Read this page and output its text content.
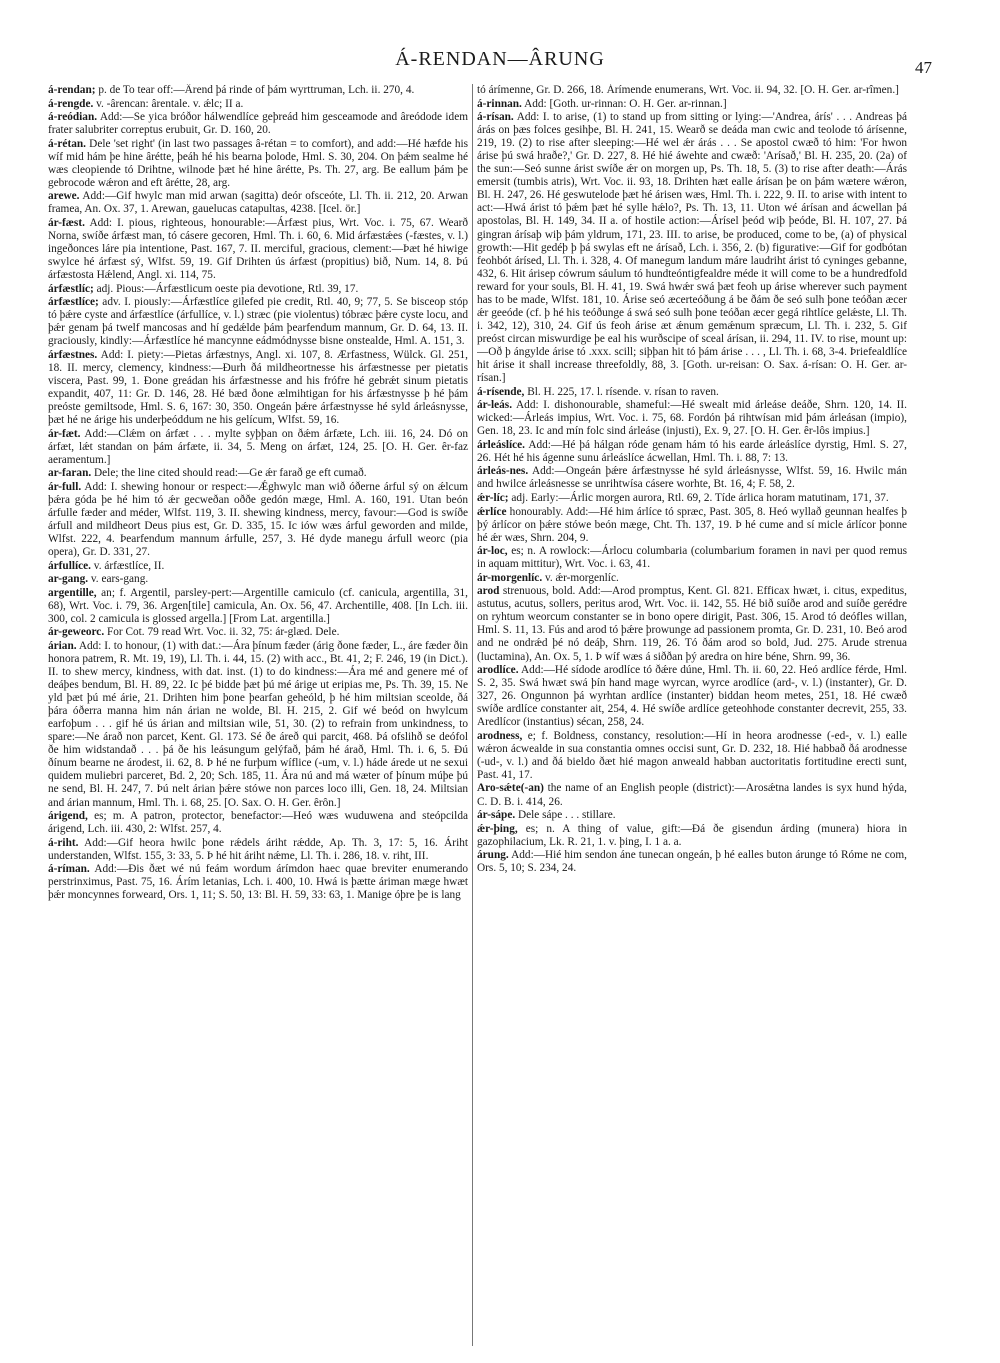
Á-RENDAN—ÂRUNG	47

á-rendan; p. de To tear off:—Ârend þá rinde of þám wyrttruman, Lch. ii. 270, 4.

á-rengde. v. -ârencan: ârentale. v. ǽlc; II a.

á-reódian. Add:—Se yica bróðor hálwendlíce geþreád him gesceamode and âreódode idem frater salubriter correptus erubuit, Gr. D. 160, 20.

á-rétan. Dele 'set right' (in last two passages â-rétan = to comfort), and add:—Hé hæfde his wíf mid hám þe hine ârétte, þeáh hé his bearna þolode, Hml. S. 30, 204. On þǽm sealme hé wæs cleopiende tó Drihtne, wilnode þæt hé hine ârétte, Ps. Th. 27, arg. Be eallum þám þe gebrocode wǽron and eft ârétte, 28, arg.

arewe. Add:—Gif hwylc man mid arwan (sagitta) deór ofsceóte, Ll. Th. ii. 212, 20. Arwan framea, An. Ox. 37, 1. Arewan, gauelucas catapultas, 4238. [Icel. ör.]

ár-fæst. Add: I. pious, righteous, honourable:—Árfæst pius, Wrt. Voc. i. 75, 67. Wearð Norna, swíðe árfæst man, tó cásere gecoren, Hml. Th. i. 60, 6. Mid árfæstǽes (-fæstes, v. l.) ingeðonces láre pia intentione, Past. 167, 7. II. merciful, gracious, clement:—Þæt hé hiwige swylce hé árfæst sý, Wlfst. 59, 19. Gif Drihten ús árfæst (propitius) bið, Num. 14, 8. Þú árfæstosta Hǽlend, Angl. xi. 114, 75.

árfæstlíc; adj. Pious:—Árfæstlicum oeste pia devotione, Rtl. 39, 17.

árfæstlíce; adv. I. piously:—Árfæstlíce gilefed pie credit, Rtl. 40, 9; 77, 5. Se bisceop stóp tó þǽre cyste and árfæstlíce (árfullíce, v. l.) stræc (pie violentus) tóbræc þǽre cyste locu, and þǽr genam þá twelf mancosas and hí gedǽlde þám þearfendum mannum, Gr. D. 64, 13. II. graciously, kindly:—Árfæstlíce hé mancynne eádmódnysse bisne onstealde, Hml. A. 151, 3.

árfæstnes. Add: I. piety:—Pietas árfæstnys, Angl. xi. 107, 8. Ærfastness, Wülck. Gl. 251, 18. II. mercy, clemency, kindness:—Ðurh ðá mildheortnesse his árfæstnesse per pietatis viscera, Past. 99, 1. Ðone greádan his árfæstnesse and his frófre hé gebrǽt sinum pietatis expandit, 407, 11: Gr. D. 146, 28. Hé bæd ðone ælmihtigan for his árfæstnysse þ hé þám preóste gemiltsode, Hml. S. 6, 167: 30, 350. Ongeán þǽre árfæstnysse hé syld árleásnysse, þæt hé ne árige his underþeóddum ne his gelícum, Wlfst. 59, 16.

ár-fæt. Add:—Clǽm on árfæt . . . mylte syþþan on ðǽm árfæte, Lch. iii. 16, 24. Dó on árfæt, lǽt standan on þám árfæte, ii. 34, 5. Meng on árfæt, 124, 25. [O. H. Ger. êr-faz aeramentum.]

ar-faran. Dele; the line cited should read:—Ge ǽr farað ge eft cumað.

ár-full. Add: I. shewing honour or respect:—Ǽghwylc man wið óðerne árful sý on ǽlcum þǽra góda þe hé him tó ǽr gecweðan oððe gedón mæge, Hml. A. 160, 191. Utan beón árfulle fæder and méder, Wlfst. 119, 3. II. shewing kindness, mercy, favour:—God is swíðe árfull and mildheort Deus pius est, Gr. D. 335, 15. Ic iów wæs árful geworden and milde, Wlfst. 222, 4. Þearfendum mannum árfulle, 257, 3. Hé dyde manegu árfull weorc (pia opera), Gr. D. 331, 27.

árfullíce. v. árfæstlíce, II.

ar-gang. v. ears-gang.

argentille, an; f. Argentil, parsley-pert:—Argentille camiculo (cf. canicula, argentilla, 31, 68), Wrt. Voc. i. 79, 36. Argen[tile] camicula, An. Ox. 56, 47. Archentille, 408. [In Lch. iii. 300, col. 2 camicula is glossed argella.] [From Lat. argentilla.]

ár-geweorc. For Cot. 79 read Wrt. Voc. ii. 32, 75: ár-glæd. Dele.

árian. Add: I. to honour, (1) with dat.:—Ára þínum fæder (árig ðone fæder, L., áre fæder ðin honora patrem, R. Mt. 19, 19), Ll. Th. i. 44, 15. (2) with acc., Bt. 41, 2; F. 246, 19 (in Dict.). II. to shew mercy, kindness, with dat. inst. (1) to do kindness:—Ára mé and genere mé of deáþes bendum, Bl. H. 89, 22. Ic þé bidde þæt þú mé árige ut eripias me, Ps. Th. 39, 15. Ne yld þæt þú mé árie, 21. Drihten him þone þearfan geheóld, þ hé him miltsian sceolde, ðá þára óðerra manna him nán árian ne wolde, Bl. H. 215, 2. Gif wé beód on hwylcum earfoþum . . . gif hé ús árian and miltsian wile, 51, 30. (2) to refrain from unkindness, to spare:—Ne árað non parcet, Kent. Gl. 173. Sé ðe áreð qui parcit, 468. Þá ofslihð se deófol ðe him widstandað . . . þá ðe his leásungum gelýfað, þám hé árað, Hml. Th. i. 6, 5. Ðú ðínum bearne ne árodest, ii. 62, 8. Þ hé ne furþum wíflice (-um, v. l.) háde árede ut ne sexui quidem muliebri parceret, Bd. 2, 20; Sch. 185, 11. Ára nú and má wæter of þínum múþe þú ne send, Bl. H. 247, 7. Þú nelt árian þǽre stówe non parces loco illi, Gen. 18, 24. Miltsian and árian mannum, Hml. Th. i. 68, 25. [O. Sax. O. H. Ger. êrôn.]

árigend, es; m. A patron, protector, benefactor:—Heó wæs wuduwena and steópcilda árigend, Lch. iii. 430, 2: Wlfst. 257, 4.

á-riht. Add:—Gif heora hwilc þone rǽdels áriht rǽdde, Ap. Th. 3, 17: 5, 16. Áriht understanden, Wlfst. 155, 3: 33, 5. Þ hé hit áriht nǽme, Ll. Th. i. 286, 18. v. riht, III.

á-ríman. Add:—Ðis ðæt wé nú feám wordum árímdon haec quae breviter enumerando perstrinximus, Past. 75, 16. Árím letanias, Lch. i. 400, 10. Hwá is þætte áriman mæge hwæt þǽr moncynnes forweard, Ors. 1, 11; S. 50, 13: Bl. H. 59, 33: 63, 1. Manige óþre þe is lang

tó árímenne, Gr. D. 266, 18. Árímende enumerans, Wrt. Voc. ii. 94, 32. [O. H. Ger. ar-rîmen.]

á-rinnan. Add: [Goth. ur-rinnan: O. H. Ger. ar-rinnan.]

á-rísan. Add: I. to arise, (1) to stand up from sitting or lying:—'Andrea, árís' . . . Andreas þá árás on þæs folces gesihþe, Bl. H. 241, 15. Wearð se deáda man cwic and teolode tó árísenne, 219, 19. (2) to rise after sleeping:—Hé wel ǽr árás . . . Se apostol cwæð tó him: 'For hwon árise þú swá hraðe?,' Gr. D. 227, 8. Hé hié áwehte and cwæð: 'Arísað,' Bl. H. 235, 20. (2a) of the sun:—Seó sunne árist swíðe ǽr on morgen up, Ps. Th. 18, 5. (3) to rise after death:—Árás emersit (tumbis atris), Wrt. Voc. ii. 93, 18. Drihten hæt ealle árísan þe on þám wætere wǽron, Bl. H. 247, 26. Hé geswutelode þæt hé árisen wæs, Hml. Th. i. 222, 9. II. to arise with intent to act:—Hwá árist tó þǽm þæt hé sylle hǽlo?, Ps. Th. 13, 11. Uton wé árísan and ácwellan þá apostolas, Bl. H. 149, 34. II a. of hostile action:—Árísel þeód wiþ þeóde, Bl. H. 107, 27. Þá gingran árísaþ wiþ þám yldrum, 171, 23. III. to arise, be produced, come to be, (a) of physical growth:—Hit gedéþ þ þá swylas eft ne árísað, Lch. i. 356, 2. (b) figurative:—Gif for godbótan feohbót árísed, Ll. Th. i. 328, 4. Of manegum landum máre laudriht árist tó cyninges gebanne, 432, 6. Hit árisep cówrum sáulum tó hundteóntigfealdre méde it will come to be a hundredfold reward for your souls, Bl. H. 41, 19. Swá hwǽr swá þæt feoh up árise wherever such payment has to be made, Wlfst. 181, 10. Árise seó æcerteóðung á be ðám ðe seó sulh þone teóðan æcer ǽr geeóde (cf. þ hé his teóðunge á swá seó sulh þone teóðan æcer gegá rihtlíce gelǽste, Ll. Th. i. 342, 12), 310, 24. Gif ús feoh árise æt ǽnum gemǽnum spræcum, Ll. Th. i. 232, 5. Gif preóst circan miswurdige þe eal his wurðscipe of sceal árísan, ii. 294, 11. IV. to rise, mount up:—Oð þ ángylde árise tó .xxx. scill; siþþan hit tó þám árise . . . , Ll. Th. i. 68, 3-4. Þriefealdlíce hit árise it shall increase threefoldly, 88, 3. [Goth. ur-reisan: O. Sax. á-rísan: O. H. Ger. ar-rísan.]

á-rísende, Bl. H. 225, 17. l. rísende. v. rísan to raven.

ár-leás. Add: I. dishonourable, shameful:—Hé swealt mid árleáse deáðe, Shrn. 120, 14. II. wicked:—Árleás impius, Wrt. Voc. i. 75, 68. Fordón þá rihtwísan mid þám árleásan (impio), Gen. 18, 23. Ic and mín folc sind árleáse (injusti), Ex. 9, 27. [O. H. Ger. êr-lôs impius.]

árleáslíce. Add:—Hé þá hálgan róde genam hám tó his earde árleáslíce dyrstig, Hml. S. 27, 26. Hét hé his ágenne sunu árleáslíce ácwellan, Hml. Th. i. 88, 7: 13.

árleás-nes. Add:—Ongeán þǽre árfæstnysse hé syld árleásnysse, Wlfst. 59, 16. Hwilc mán and hwilce árleásnesse se unrihtwísa cásere worhte, Bt. 16, 4; F. 58, 2.

ǽr-líc; adj. Early:—Árlic morgen aurora, Rtl. 69, 2. Tíde árlica horam matutinam, 171, 37.

ǽrlíce honourably. Add:—Hé him árlíce tó spræc, Past. 305, 8. Heó wyllað geunnan healfes þ þý árlícor on þǽre stówe beón mæge, Cht. Th. 137, 19. Þ hé cume and sí micle árlícor þonne hé ǽr wæs, Shrn. 204, 9.

ár-loc, es; n. A rowlock:—Árlocu columbaria (columbarium foramen in navi per quod remus in aquam mittitur), Wrt. Voc. i. 63, 41.

ár-morgenlíc. v. ǽr-morgenlíc.

arod strenuous, bold. Add:—Arod promptus, Kent. Gl. 821. Efficax hwæt, i. citus, expeditus, astutus, acutus, sollers, peritus arod, Wrt. Voc. ii. 142, 55. Hé bið suíðe arod and suíðe gerédre on ryhtum weorcum constanter se in bono opere dirigit, Past. 306, 15. Arod tó deófles willan, Hml. S. 11, 13. Fús and arod tó þǽre þrowunge ad passionem promta, Gr. D. 231, 10. Beó arod and ne ondrǽd þé nó deáþ, Shrn. 119, 26. Tó ðám arod so bold, Jud. 275. Arude strenua (luctamina), An. Ox. 5, 1. Þ wíf wæs á siððan þý aredra on hire béne, Shrn. 99, 36.

arodlíce. Add:—Hé sídode arodlíce tó ðǽre dúne, Hml. Th. ii. 60, 22. Heó ardlíce férde, Hml. S. 2, 35. Swá hwæt swá þín hand mage wyrcan, wyrce arodlíce (ard-, v. l.) (instanter), Gr. D. 327, 26. Ongunnon þá wyrhtan ardlíce (instanter) biddan heom metes, 251, 18. Hé cwæð swíðe ardlíce constanter ait, 254, 4. Hé swíðe ardlíce geteohhode constanter decrevit, 255, 33. Aredlícor (instantius) sécan, 258, 24.

arodness, e; f. Boldness, constancy, resolution:—Hí in heora arodnesse (-ed-, v. l.) ealle wǽron ácwealde in sua constantia omnes occisi sunt, Gr. D. 232, 18. Hié habbað ðá arodnesse (-ud-, v. l.) and ðá bieldo ðæt hié magon anweald habban auctoritatis fortitudine erecti sunt, Past. 41, 17.

Aro-sǽte(-an) the name of an English people (district):—Arosǽtna landes is syx hund hýda, C. D. B. i. 414, 26.

ár-sápe. Dele sápe . . . stillare.

ǽr-þing, es; n. A thing of value, gift:—Ðá ðe gisendun árding (munera) hiora in gazophilacium, Lk. R. 21, 1. v. þing, I. 1 a. a.

árung. Add:—Hié him sendon áne tunecan ongeán, þ hé ealles buton árunge tó Róme ne com, Ors. 5, 10; S. 234, 24.
